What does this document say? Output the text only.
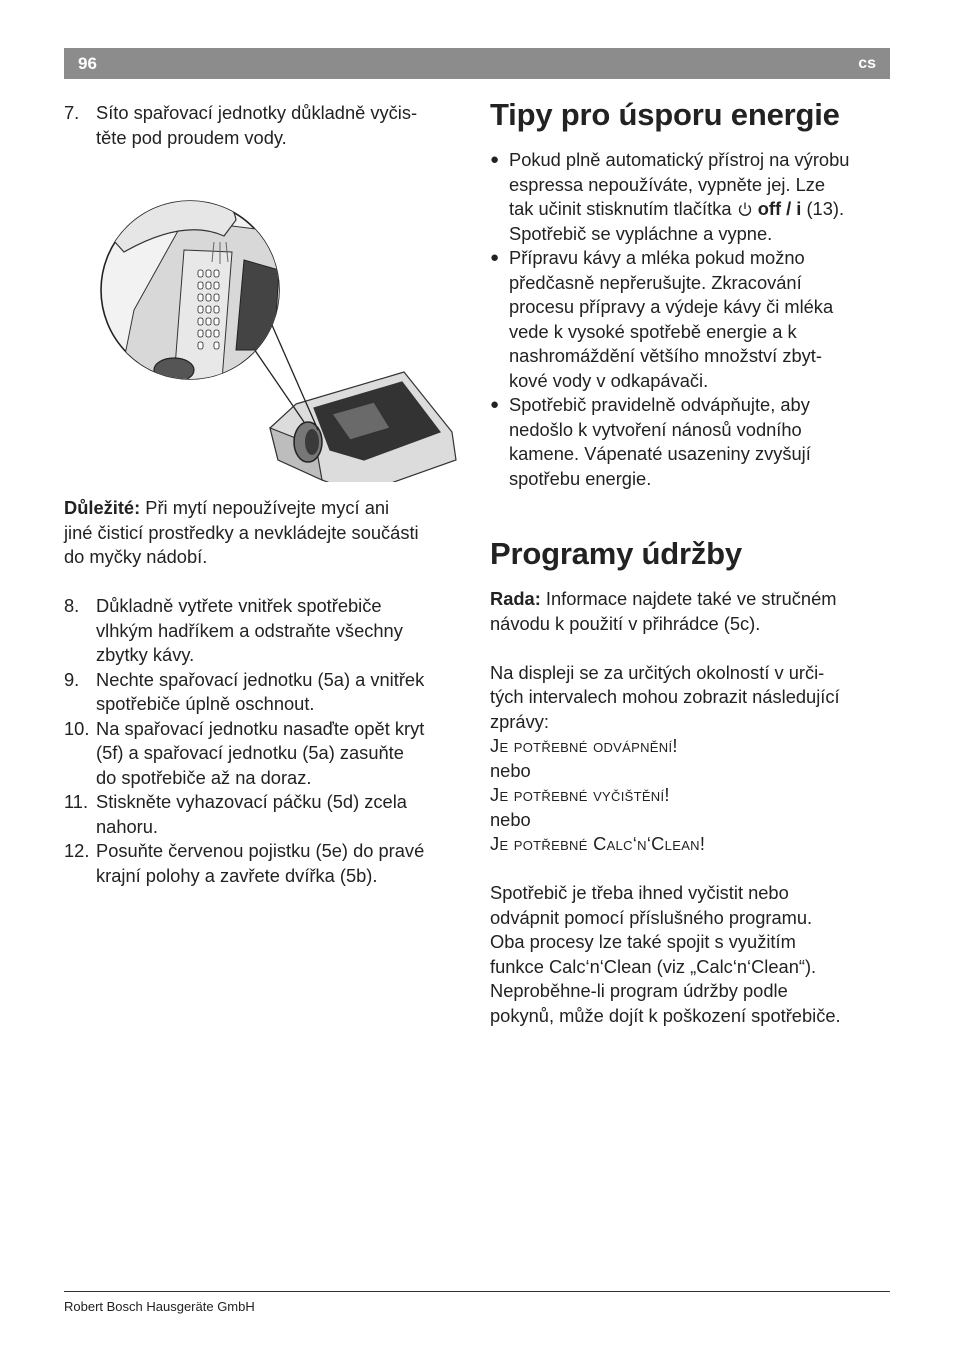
96	cs
7. Síto spařovací jednotky důkladně vyčis-
těte pod proudem vody.

Důležité: Při mytí nepoužívejte mycí ani
jiné čisticí prostředky a nevkládejte součásti
do myčky nádobí.

8. Důkladně vytřete vnitřek spotřebiče
vlhkým hadříkem a odstraňte všechny
zbytky kávy.
9. Nechte spařovací jednotku (5a) a vnitřek
spotřebiče úplně oschnout.
10. Na spařovací jednotku nasaďte opět kryt
(5f) a spařovací jednotku (5a) zasuňte
do spotřebiče až na doraz.
11. Stiskněte vyhazovací páčku (5d) zcela
nahoru.
12. Posuňte červenou pojistku (5e) do pravé
krajní polohy a zavřete dvířka (5b).
Tipy pro úsporu energie
● Pokud plně automatický přístroj na výrobu
espressa nepoužíváte, vypněte jej. Lze
tak učinit stisknutím tlačítka  off / i (13).
Spotřebič se vypláchne a vypne.
● Přípravu kávy a mléka pokud možno
předčasně nepřerušujte. Zkracování
procesu přípravy a výdeje kávy či mléka
vede k vysoké spotřebě energie a k
nashromáždění většího množství zbyt-
kové vody v odkapávači.
● Spotřebič pravidelně odvápňujte, aby
nedošlo k vytvoření nánosů vodního
kamene. Vápenaté usazeniny zvyšují
spotřebu energie.
Programy údržby

Rada: Informace najdete také ve stručném
návodu k použití v přihrádce (5c).

Na displeji se za určitých okolností v urči-
tých intervalech mohou zobrazit následující
zprávy:

Je potřebné odvápnění!
nebo
Je potřebné vyčištění!
nebo
Je potřebné Calc‘n‘Clean!

Spotřebič je třeba ihned vyčistit nebo
odvápnit pomocí příslušného programu.
Oba procesy lze také spojit s využitím
funkce Calc‘n‘Clean (viz „Calc‘n‘Clean“).
Neproběhne-li program údržby podle
pokynů, může dojít k poškození spotřebiče.

Robert Bosch Hausgeräte GmbH
